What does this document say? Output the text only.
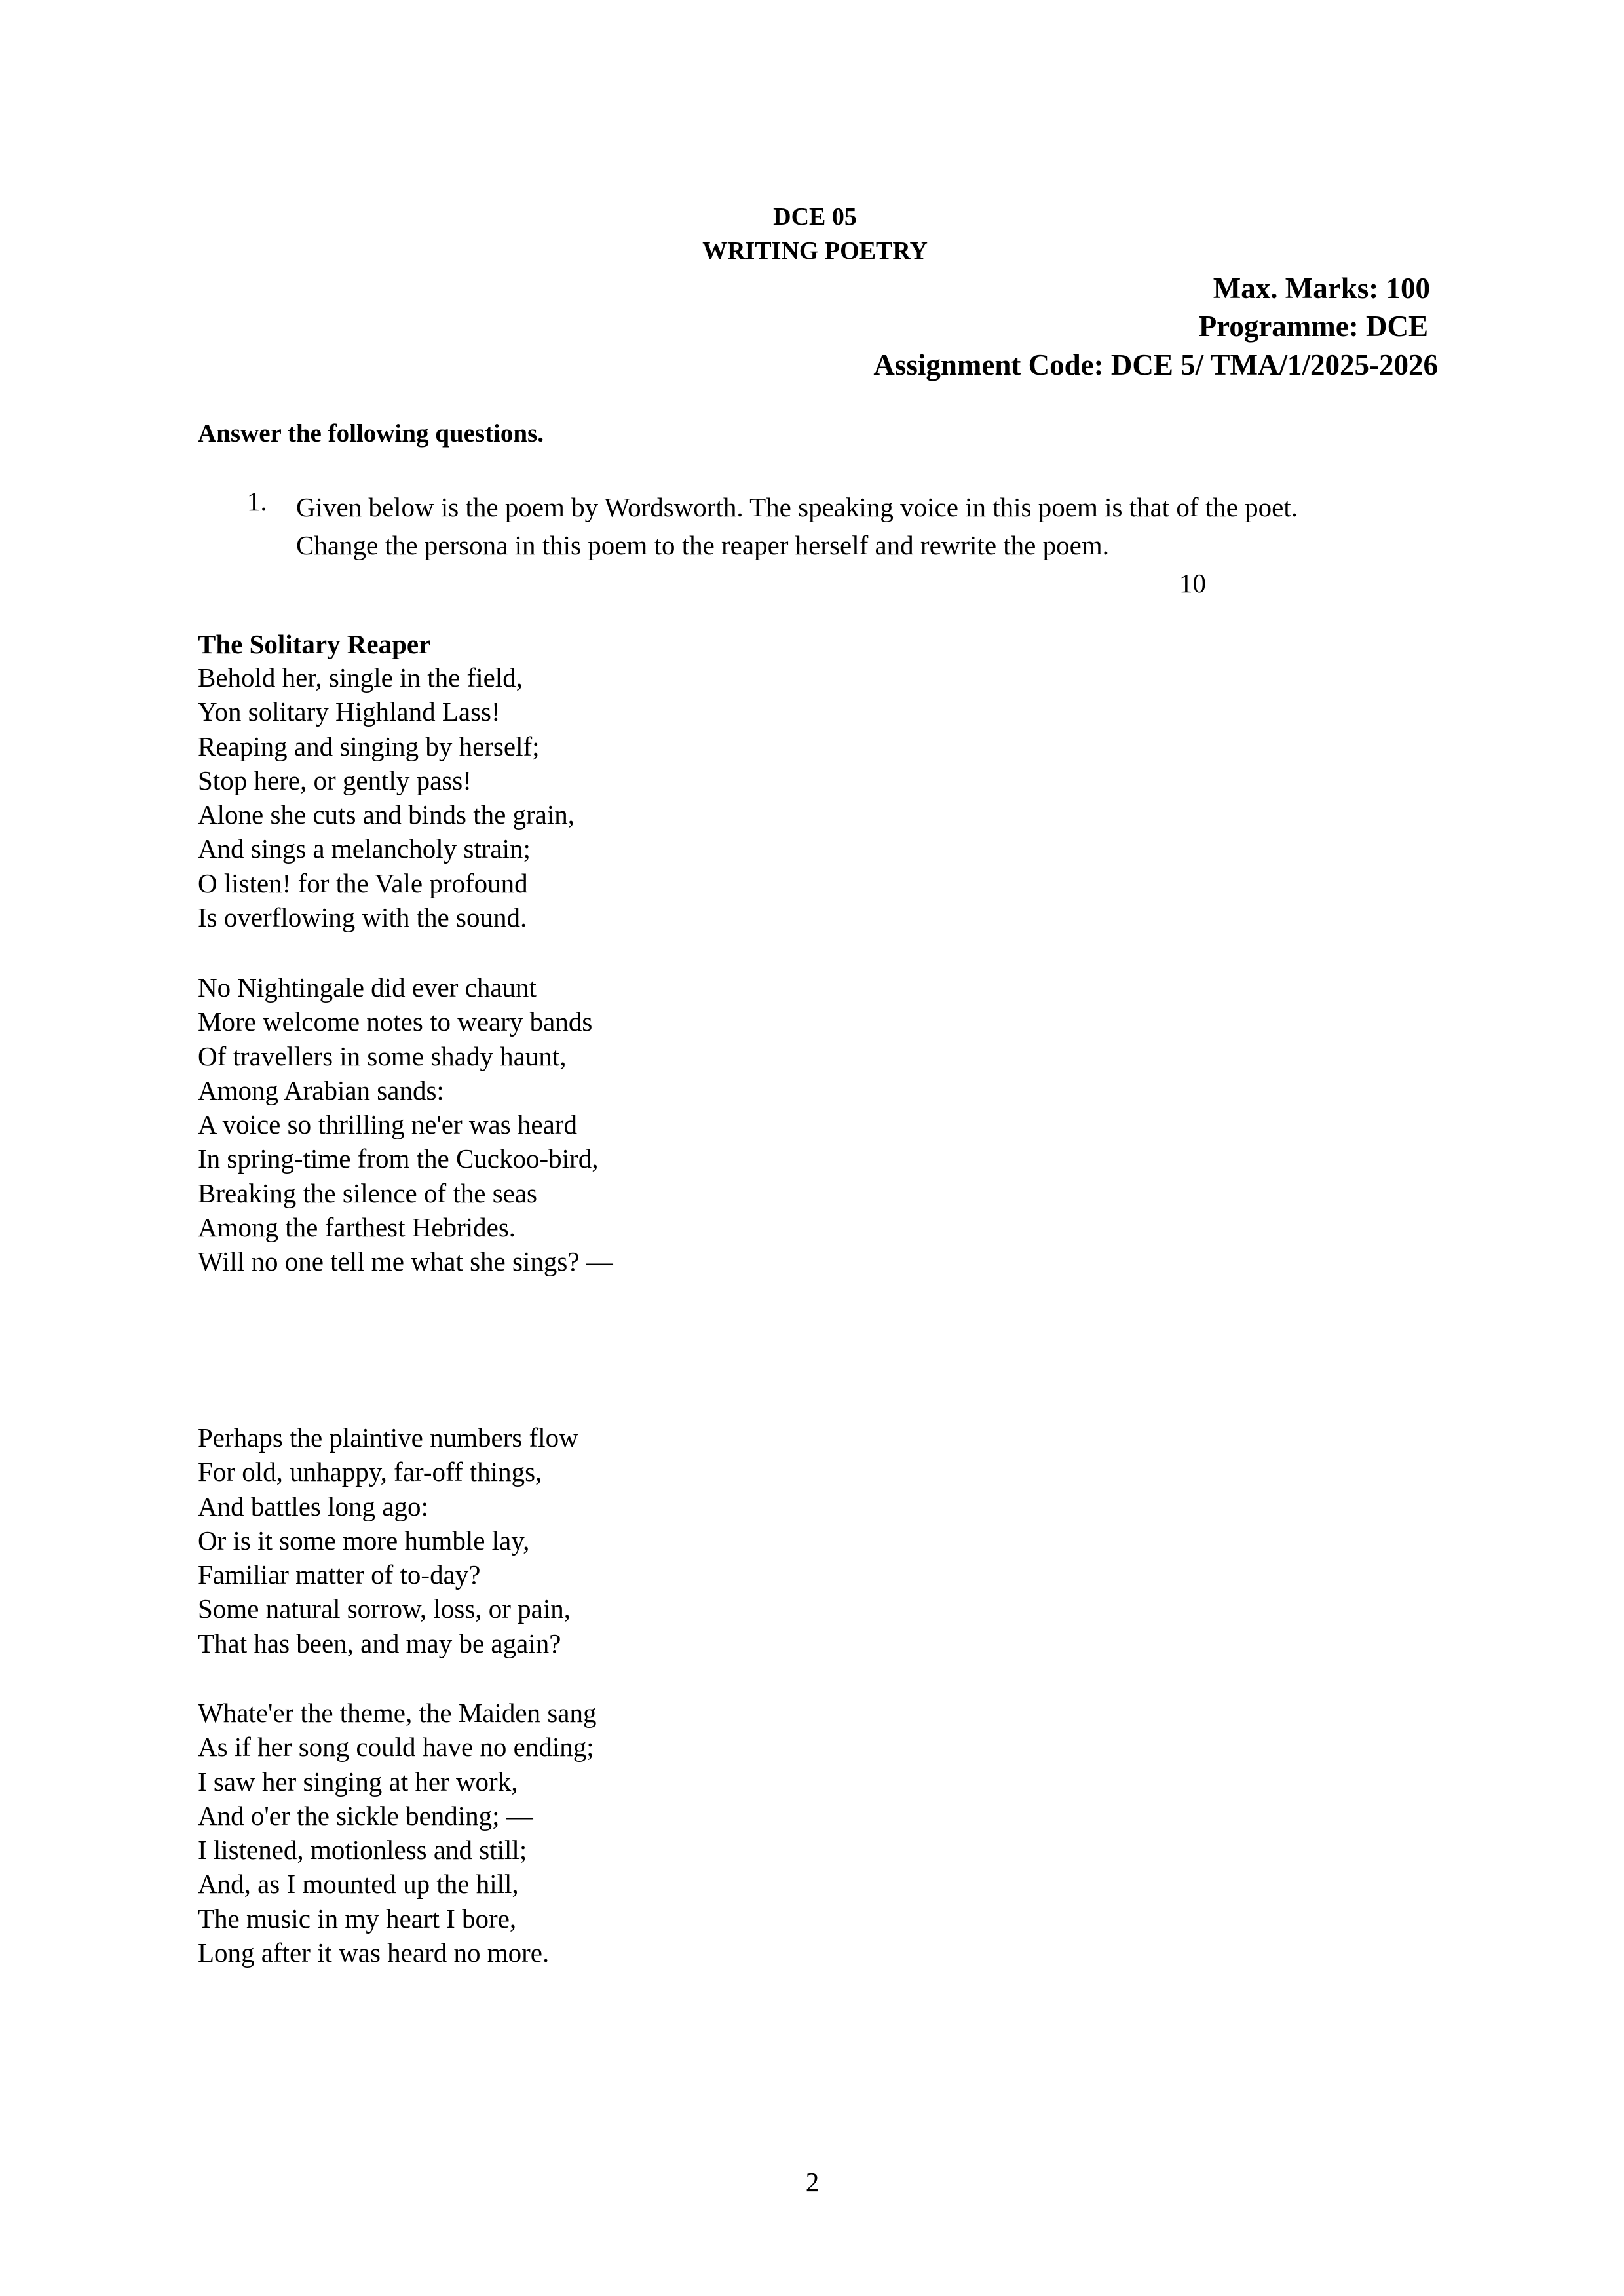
DCE 05
WRITING POETRY
Max. Marks: 100
Programme: DCE
Assignment Code: DCE 5/ TMA/1/2025-2026
Answer the following questions.
1. Given below is the poem by Wordsworth. The speaking voice in this poem is that of the poet.
Change the persona in this poem to the reaper herself and rewrite the poem.
10
The Solitary Reaper
Behold her, single in the field,
Yon solitary Highland Lass!
Reaping and singing by herself;
Stop here, or gently pass!
Alone she cuts and binds the grain,
And sings a melancholy strain;
O listen! for the Vale profound
Is overflowing with the sound.
No Nightingale did ever chaunt
More welcome notes to weary bands
Of travellers in some shady haunt,
Among Arabian sands:
A voice so thrilling ne'er was heard
In spring-time from the Cuckoo-bird,
Breaking the silence of the seas
Among the farthest Hebrides.
Will no one tell me what she sings? —
Perhaps the plaintive numbers flow
For old, unhappy, far-off things,
And battles long ago:
Or is it some more humble lay,
Familiar matter of to-day?
Some natural sorrow, loss, or pain,
That has been, and may be again?
Whate'er the theme, the Maiden sang
As if her song could have no ending;
I saw her singing at her work,
And o'er the sickle bending; —
I listened, motionless and still;
And, as I mounted up the hill,
The music in my heart I bore,
Long after it was heard no more.
2
